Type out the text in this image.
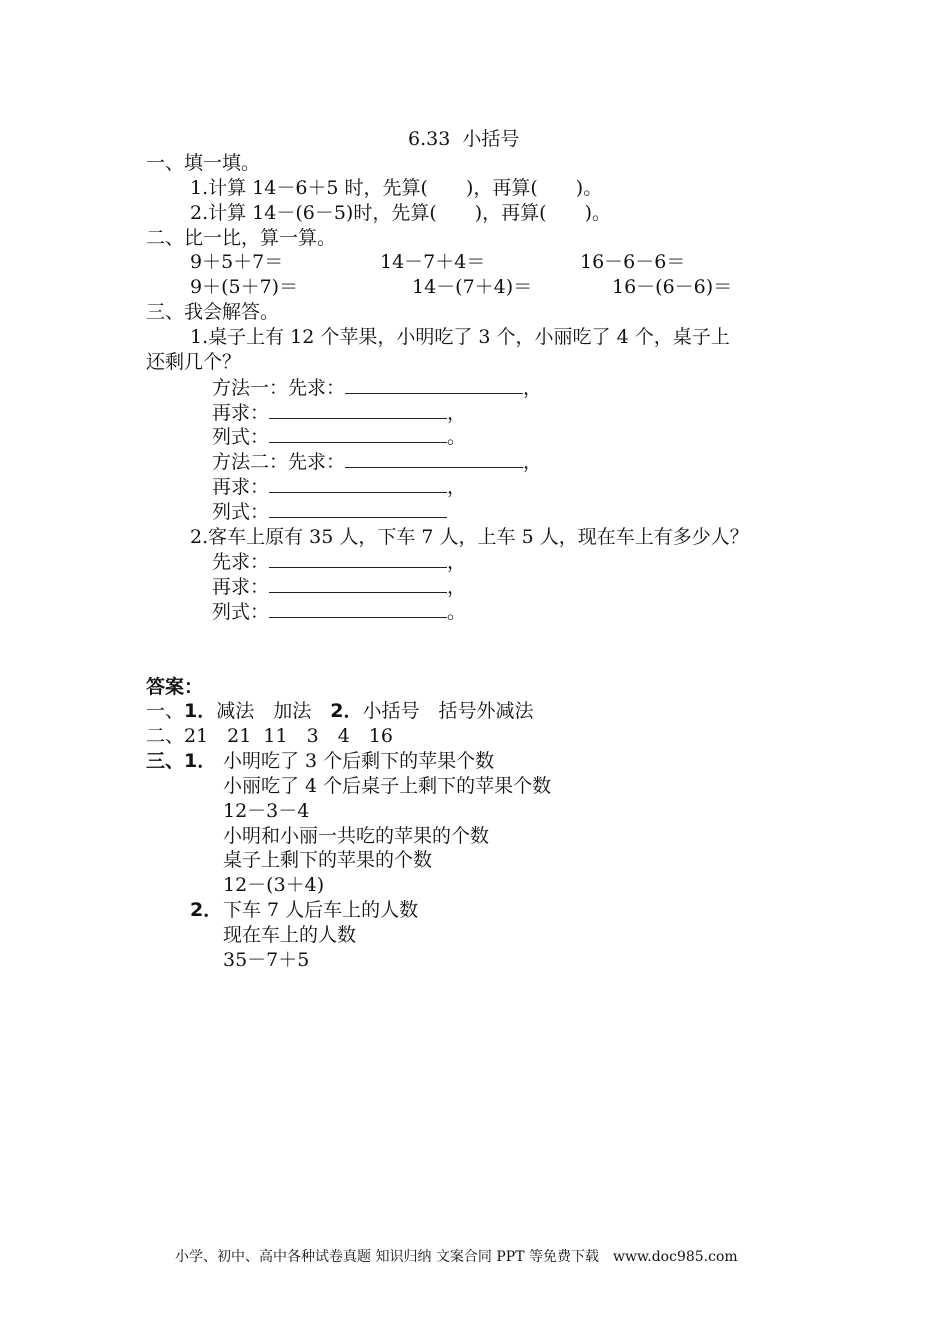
6.33  小括号
一、填一填。
1.计算 14－6＋5 时，先算(　　)，再算(　　)。
2.计算 14－(6－5)时，先算(　　)，再算(　　)。
二、比一比，算一算。
9＋5＋7＝	14－7＋4＝	16－6－6＝
9＋(5＋7)＝	14－(7＋4)＝	16－(6－6)＝
三、我会解答。
1.桌子上有 12 个苹果，小明吃了 3 个，小丽吃了 4 个，桌子上
还剩几个？
方法一：先求：	，
再求：	，
列式：	。
方法二：先求：	，
再求：	，
列式：
2.客车上原有 35 人，下车 7 人，上车 5 人，现在车上有多少人？
先求：	，
再求：	，
列式：	。
答案：
一、1．减法　加法　2．小括号　括号外减法
二、21　21  11　3　4　16
三、1． 小明吃了 3 个后剩下的苹果个数
小丽吃了 4 个后桌子上剩下的苹果个数
12－3－4
小明和小丽一共吃的苹果的个数
桌子上剩下的苹果的个数
12－(3＋4)
2． 下车 7 人后车上的人数
现在车上的人数
35－7＋5
小学、初中、高中各种试卷真题 知识归纳 文案合同 PPT 等免费下载　www.doc985.com
